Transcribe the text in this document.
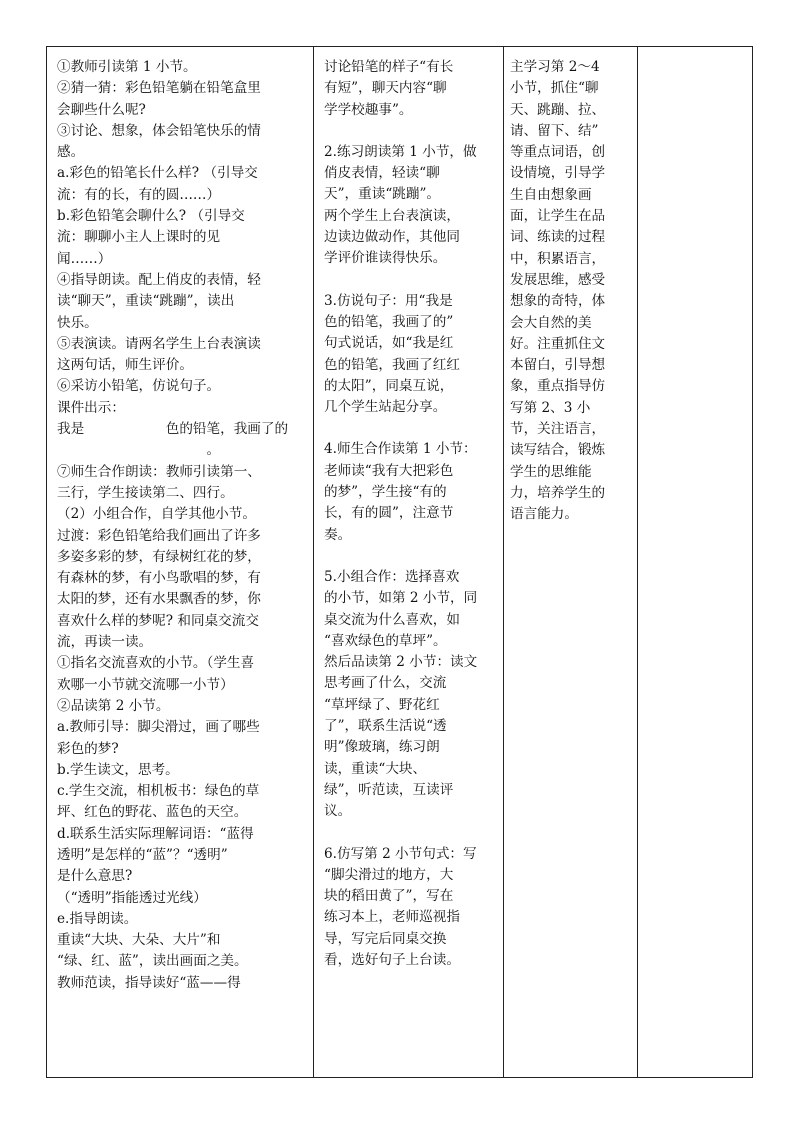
①教师引读第 1 小节。
②猜一猜：彩色铅笔躺在铅笔盒里
会聊些什么呢?
③讨论、想象，体会铅笔快乐的情
感。
a.彩色的铅笔长什么样? （引导交
流：有的长，有的圆……）
b.彩色铅笔会聊什么? （引导交
流：聊聊小主人上课时的见
闻……）
④指导朗读。配上俏皮的表情，轻
读“聊天”，重读“跳蹦”，读出
快乐。
⑤表演读。请两名学生上台表演读
这两句话，师生评价。
⑥采访小铅笔，仿说句子。
课件出示：
我是　　　　　　色的铅笔，我画了的
　　　　　　　　　　　。
⑦师生合作朗读：教师引读第一、
三行，学生接读第二、四行。
（2）小组合作，自学其他小节。
过渡：彩色铅笔给我们画出了许多
多姿多彩的梦，有绿树红花的梦，
有森林的梦，有小鸟歌唱的梦，有
太阳的梦，还有水果飘香的梦，你
喜欢什么样的梦呢? 和同桌交流交
流，再读一读。
①指名交流喜欢的小节。（学生喜
欢哪一小节就交流哪一小节）
②品读第 2 小节。
a.教师引导：脚尖滑过，画了哪些
彩色的梦?
b.学生读文，思考。
c.学生交流，相机板书：绿色的草
坪、红色的野花、蓝色的天空。
d.联系生活实际理解词语：“蓝得
透明”是怎样的“蓝”？“透明”
是什么意思?
（“透明”指能透过光线）
e.指导朗读。
重读“大块、大朵、大片”和
“绿、红、蓝”，读出画面之美。
教师范读，指导读好“蓝——得

讨论铅笔的样子“有长
有短”，聊天内容“聊
学学校趣事”。
2.练习朗读第 1 小节，做
俏皮表情，轻读“聊
天”，重读“跳蹦”。
两个学生上台表演读，
边读边做动作，其他同
学评价谁读得快乐。
3.仿说句子：用“我是
色的铅笔，我画了的”
句式说话，如“我是红
色的铅笔，我画了红红
的太阳”，同桌互说，
几个学生站起分享。
4.师生合作读第 1 小节：
老师读“我有大把彩色
的梦”，学生接“有的
长，有的圆”，注意节
奏。
5.小组合作：选择喜欢
的小节，如第 2 小节，同
桌交流为什么喜欢，如
“喜欢绿色的草坪”。
然后品读第 2 小节：读文
思考画了什么，交流
“草坪绿了、野花红
了”，联系生活说“透
明”像玻璃，练习朗
读，重读“大块、
绿”，听范读，互读评
议。
6.仿写第 2 小节句式：写
“脚尖滑过的地方，大
块的稻田黄了”，写在
练习本上，老师巡视指
导，写完后同桌交换
看，选好句子上台读。

主学习第 2～4
小节，抓住“聊
天、跳蹦、拉、
请、留下、结”
等重点词语，创
设情境，引导学
生自由想象画
面，让学生在品
词、练读的过程
中，积累语言，
发展思维，感受
想象的奇特，体
会大自然的美
好。注重抓住文
本留白，引导想
象，重点指导仿
写第 2、3 小
节，关注语言，
读写结合，锻炼
学生的思维能
力，培养学生的
语言能力。
